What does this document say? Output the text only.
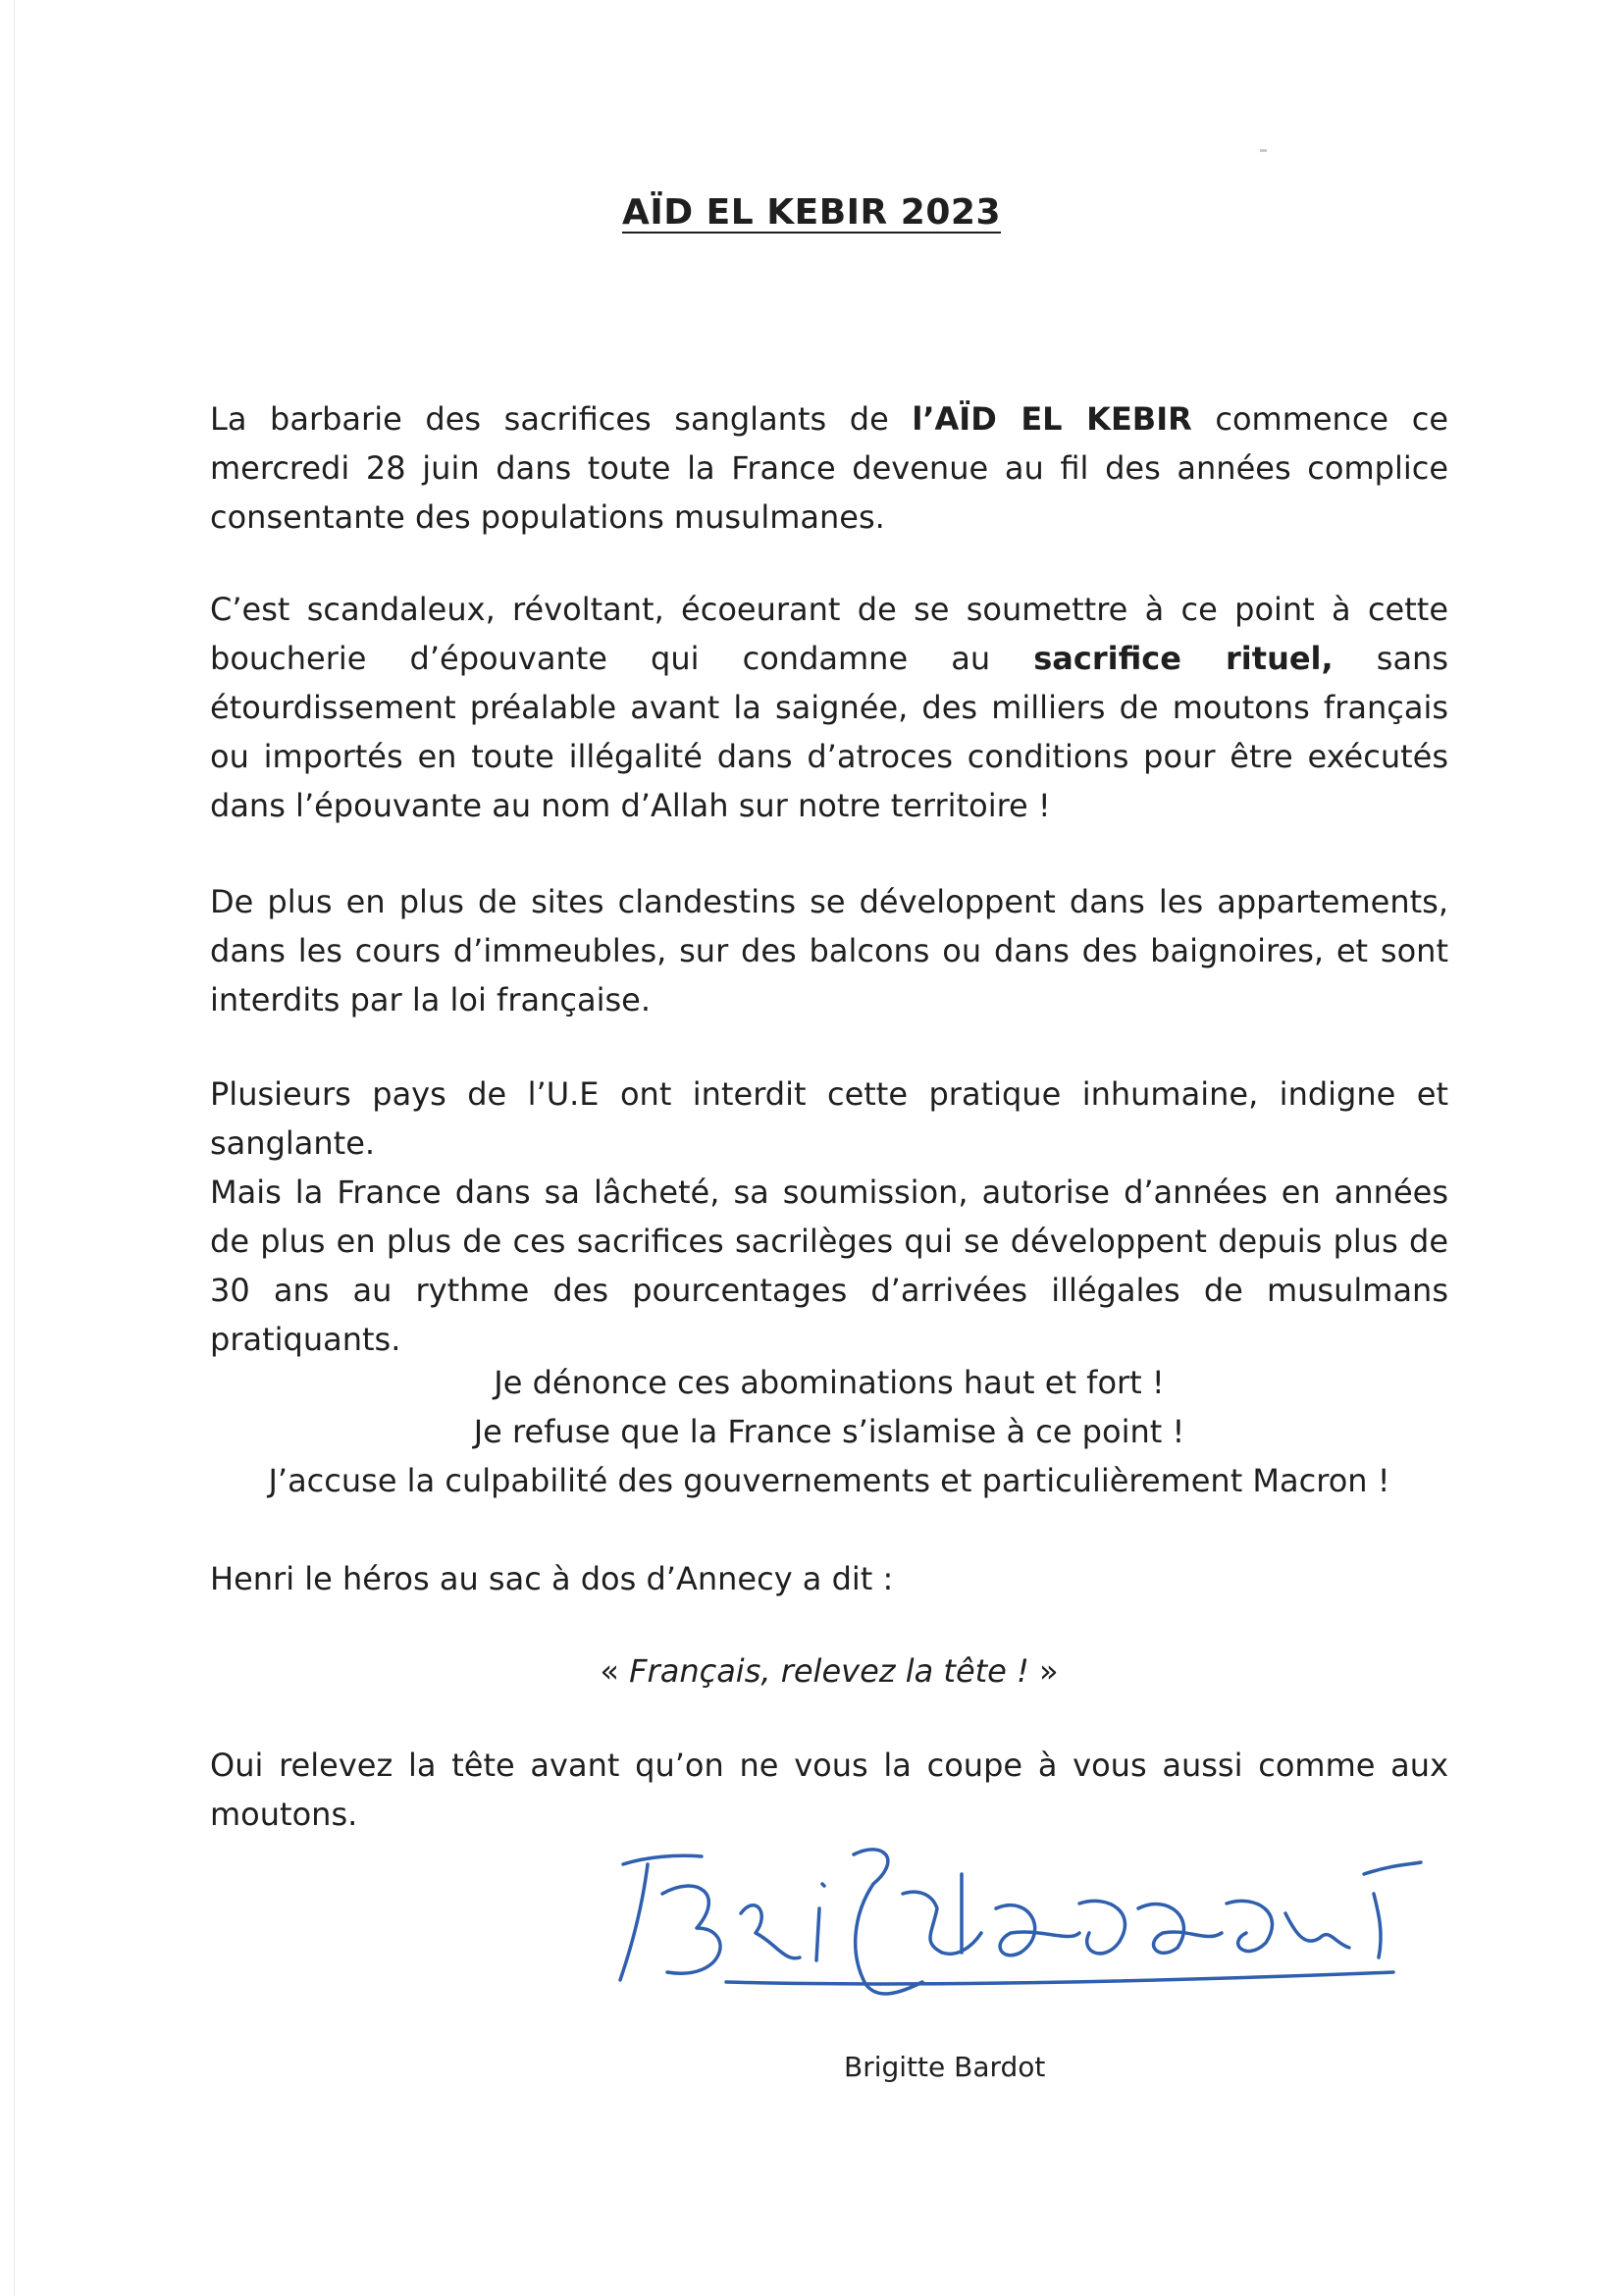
AÏD EL KEBIR 2023

La barbarie des sacrifices sanglants de l’AÏD EL KEBIR commence ce mercredi 28 juin dans toute la France devenue au fil des années complice consentante des populations musulmanes.

C’est scandaleux, révoltant, écoeurant de se soumettre à ce point à cette boucherie d’épouvante qui condamne au sacrifice rituel, sans étourdissement préalable avant la saignée, des milliers de moutons français ou importés en toute illégalité dans d’atroces conditions pour être exécutés dans l’épouvante au nom d’Allah sur notre territoire !

De plus en plus de sites clandestins se développent dans les appartements, dans les cours d’immeubles, sur des balcons ou dans des baignoires, et sont interdits par la loi française.

Plusieurs pays de l’U.E ont interdit cette pratique inhumaine, indigne et sanglante.

Mais la France dans sa lâcheté, sa soumission, autorise d’années en années de plus en plus de ces sacrifices sacrilèges qui se développent depuis plus de 30 ans au rythme des pourcentages d’arrivées illégales de musulmans pratiquants.

Je dénonce ces abominations haut et fort !
Je refuse que la France s’islamise à ce point !
J’accuse la culpabilité des gouvernements et particulièrement Macron !

Henri le héros au sac à dos d’Annecy a dit :

« Français, relevez la tête ! »

Oui relevez la tête avant qu’on ne vous la coupe à vous aussi comme aux moutons.

Brigitte Bardot
